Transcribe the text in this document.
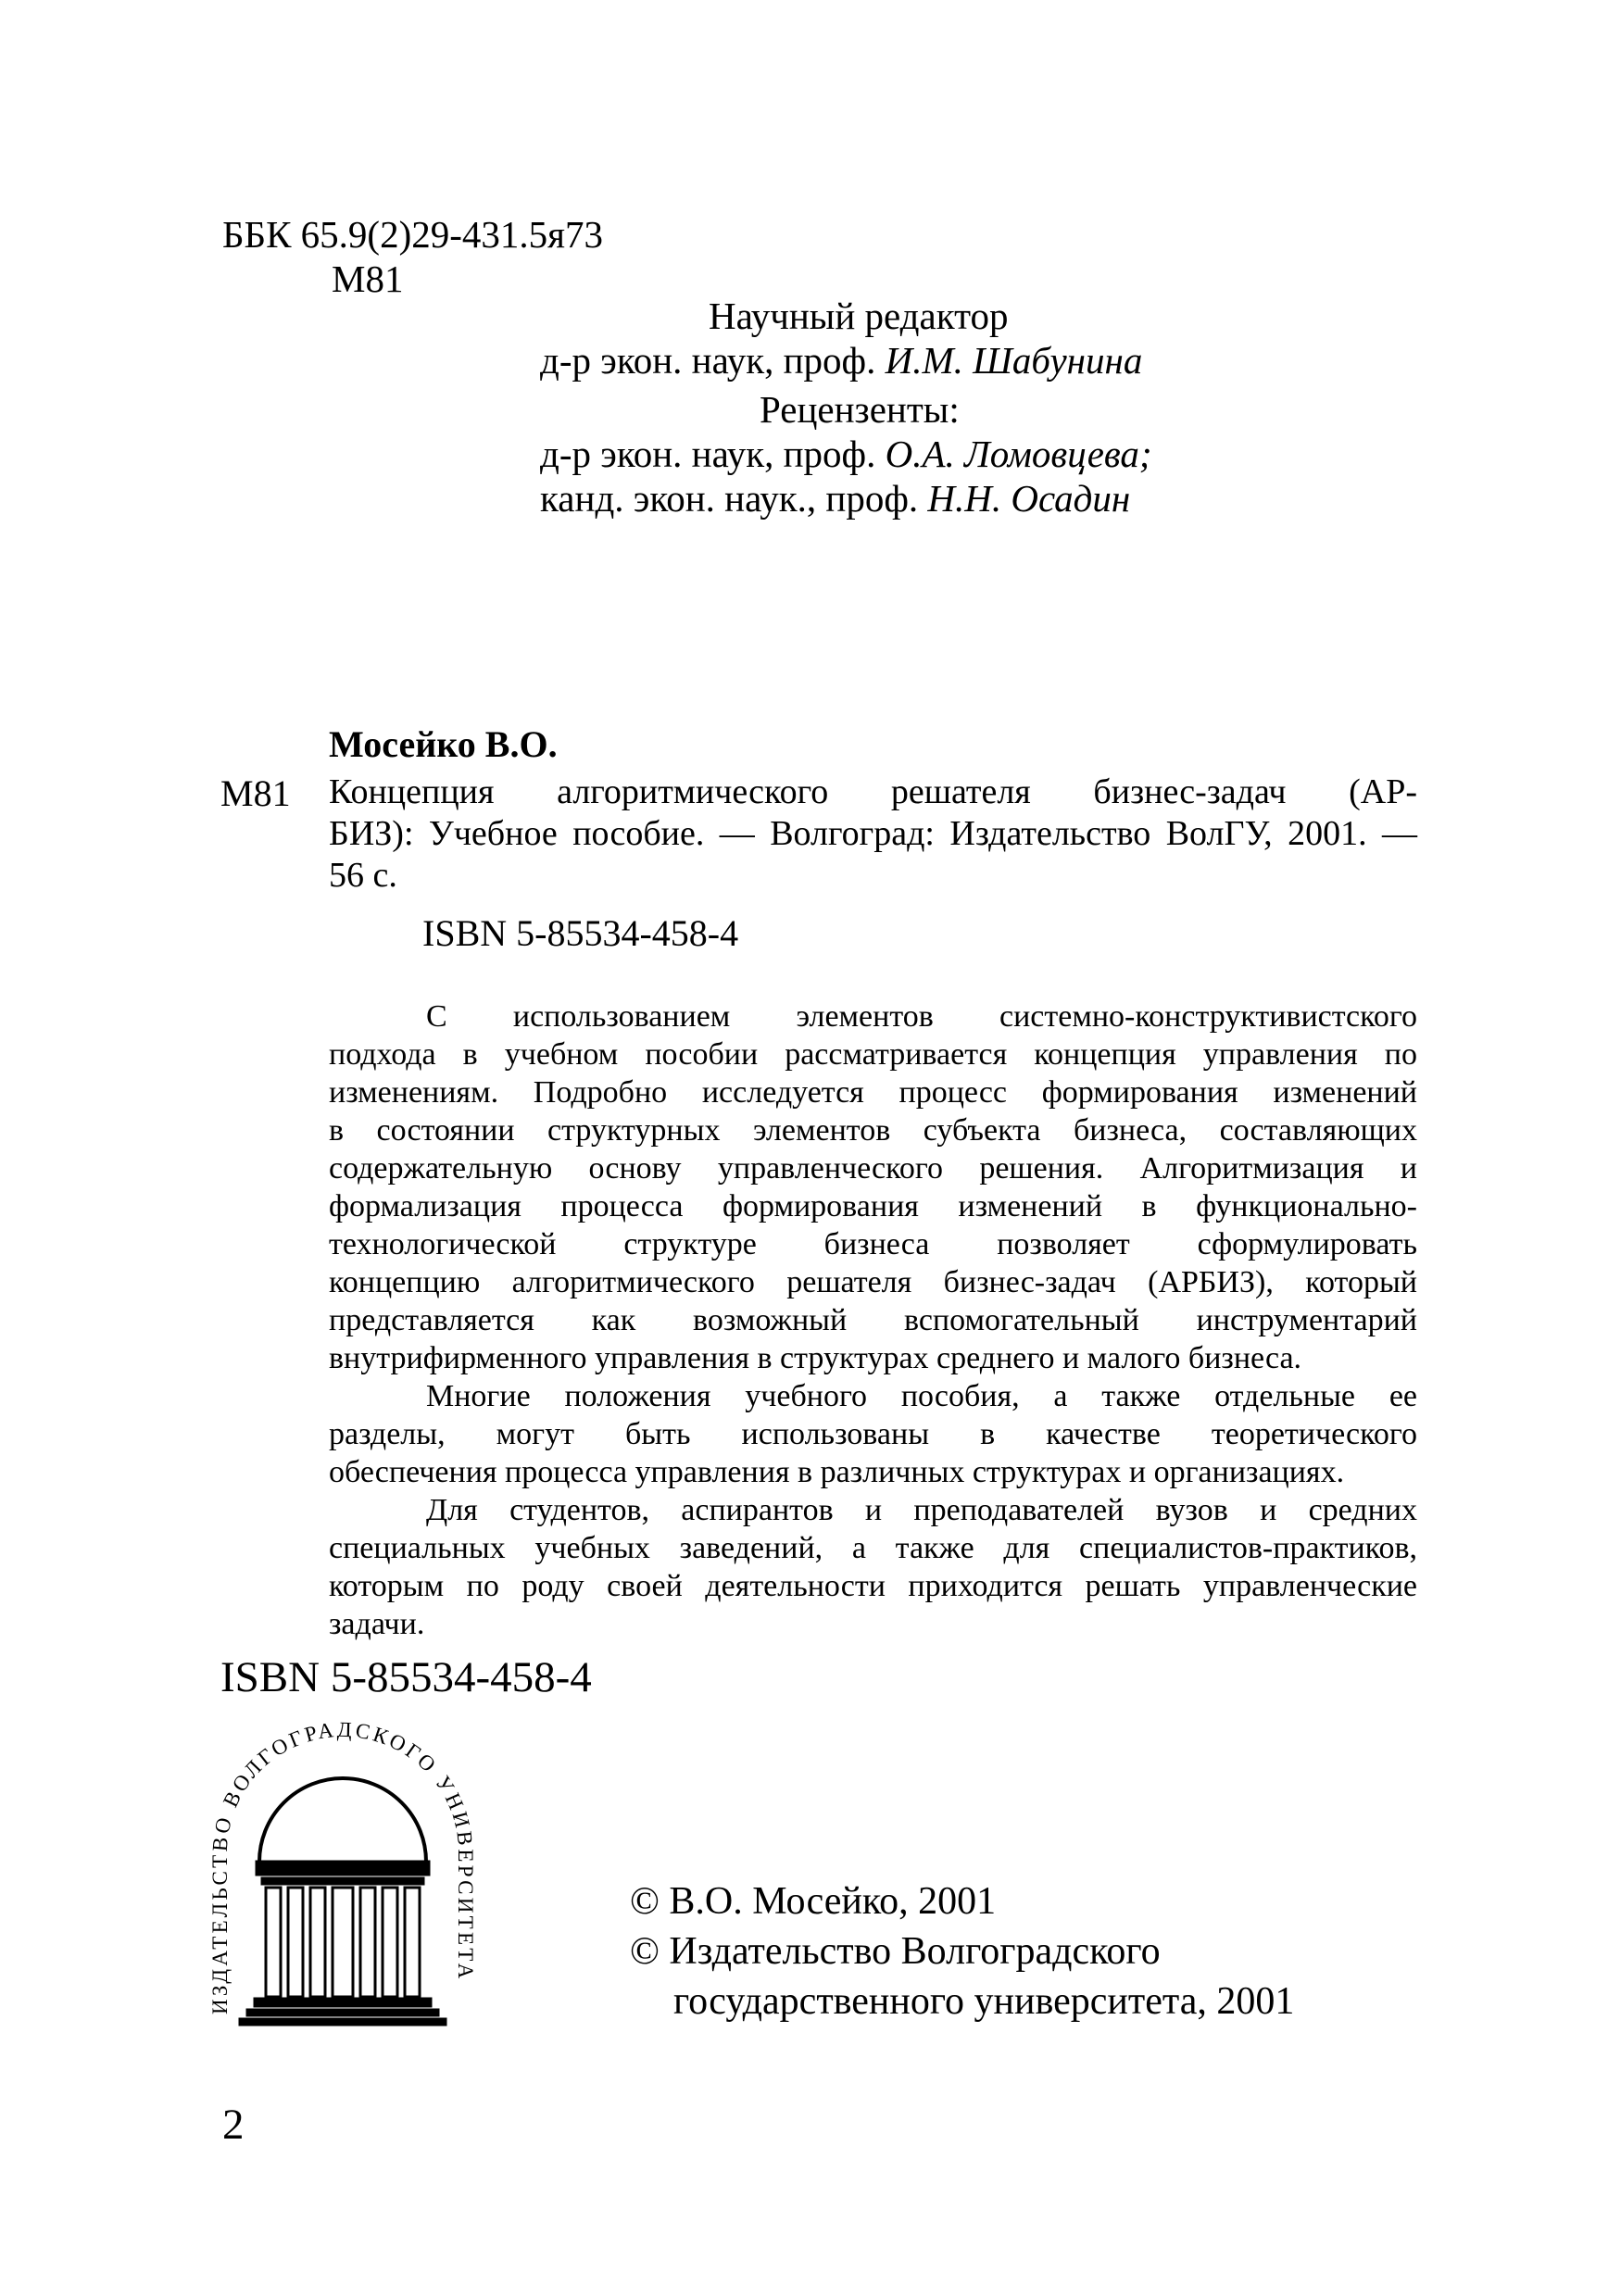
ББК 65.9(2)29-431.5я73
М81
Научный редактор
д-р экон. наук, проф. И.М. Шабунина
Рецензенты:
д-р экон. наук, проф. О.А. Ломовцева;
канд. экон. наук., проф. Н.Н. Осадин
Мосейко В.О.
М81 Концепция алгоритмического решателя бизнес-задач (АР-
БИЗ): Учебное пособие. — Волгоград: Издательство ВолГУ, 2001. —
56 с.
ISBN 5-85534-458-4
С использованием элементов системно-конструктивистского
подхода в учебном пособии рассматривается концепция управления по
изменениям. Подробно исследуется процесс формирования изменений
в состоянии структурных элементов субъекта бизнеса, составляющих
содержательную основу управленческого решения. Алгоритмизация и
формализация процесса формирования изменений в функционально-
технологической структуре бизнеса позволяет сформулировать
концепцию алгоритмического решателя бизнес-задач (АРБИЗ), который
представляется как возможный вспомогательный инструментарий
внутрифирменного управления в структурах среднего и малого бизнеса.
Многие положения учебного пособия, а также отдельные ее
разделы, могут быть использованы в качестве теоретического
обеспечения процесса управления в различных структурах и организациях.
Для студентов, аспирантов и преподавателей вузов и средних
специальных учебных заведений, а также для специалистов-практиков,
которым по роду своей деятельности приходится решать управленческие
задачи.
ISBN 5-85534-458-4
ИЗДАТЕЛЬСТВО ВОЛГОГРАДСКОГО УНИВЕРСИТЕТА
© В.О. Мосейко, 2001
© Издательство Волгоградского
государственного университета, 2001
2
